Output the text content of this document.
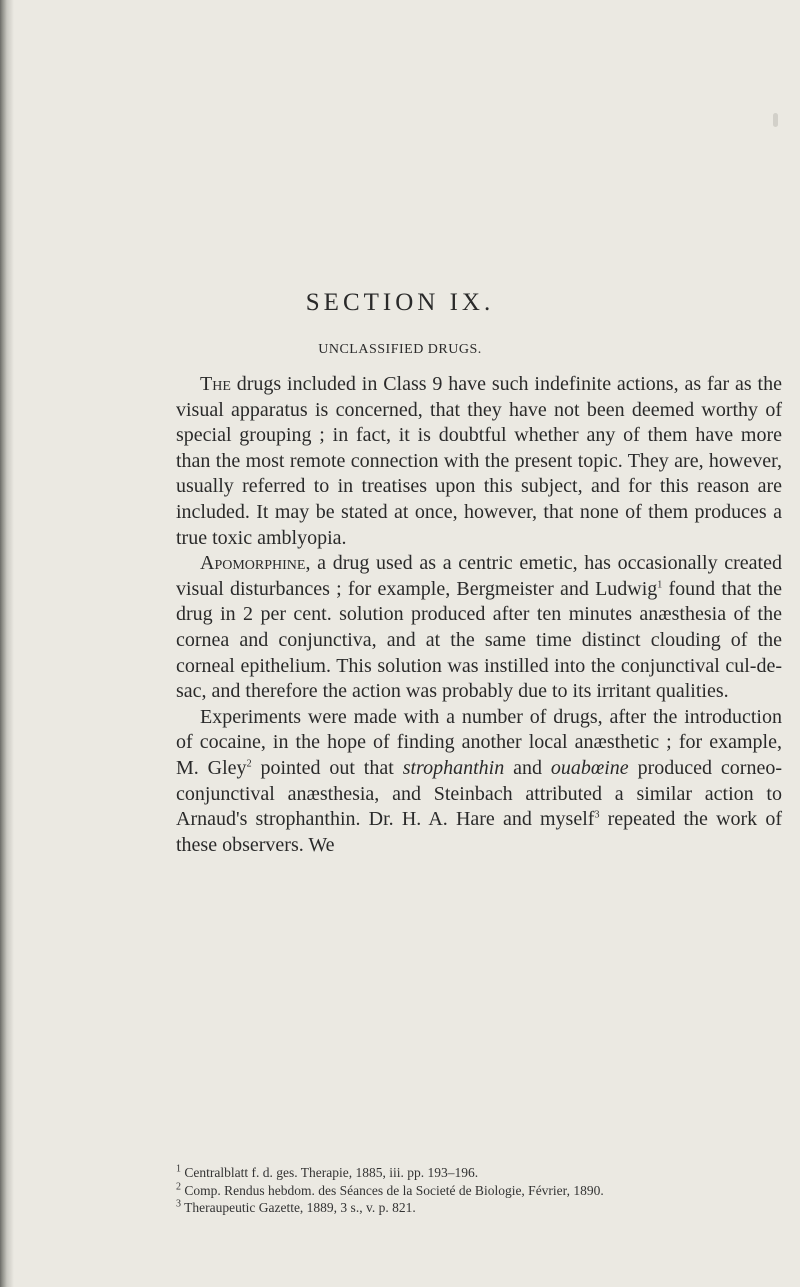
SECTION IX.
UNCLASSIFIED DRUGS.

The drugs included in Class 9 have such indefinite actions, as far as the visual apparatus is concerned, that they have not been deemed worthy of special grouping ; in fact, it is doubtful whether any of them have more than the most remote connection with the present topic. They are, however, usually referred to in treatises upon this subject, and for this reason are included. It may be stated at once, however, that none of them produces a true toxic amblyopia.

Apomorphine, a drug used as a centric emetic, has occasionally created visual disturbances ; for example, Bergmeister and Ludwig$^1$ found that the drug in 2 per cent. solution produced after ten minutes anæsthesia of the cornea and conjunctiva, and at the same time distinct clouding of the corneal epithelium. This solution was instilled into the conjunctival cul-de-sac, and therefore the action was probably due to its irritant qualities.

Experiments were made with a number of drugs, after the introduction of cocaine, in the hope of finding another local anæsthetic ; for example, M. Gley$^2$ pointed out that strophanthin and ouabœine produced corneo-conjunctival anæsthesia, and Steinbach attributed a similar action to Arnaud's strophanthin. Dr. H. A. Hare and myself$^3$ repeated the work of these observers. We

$^1$ Centralblatt f. d. ges. Therapie, 1885, iii. pp. 193–196.
$^2$ Comp. Rendus hebdom. des Séances de la Societé de Biologie, Février, 1890.
$^3$ Theraupeutic Gazette, 1889, 3 s., v. p. 821.
